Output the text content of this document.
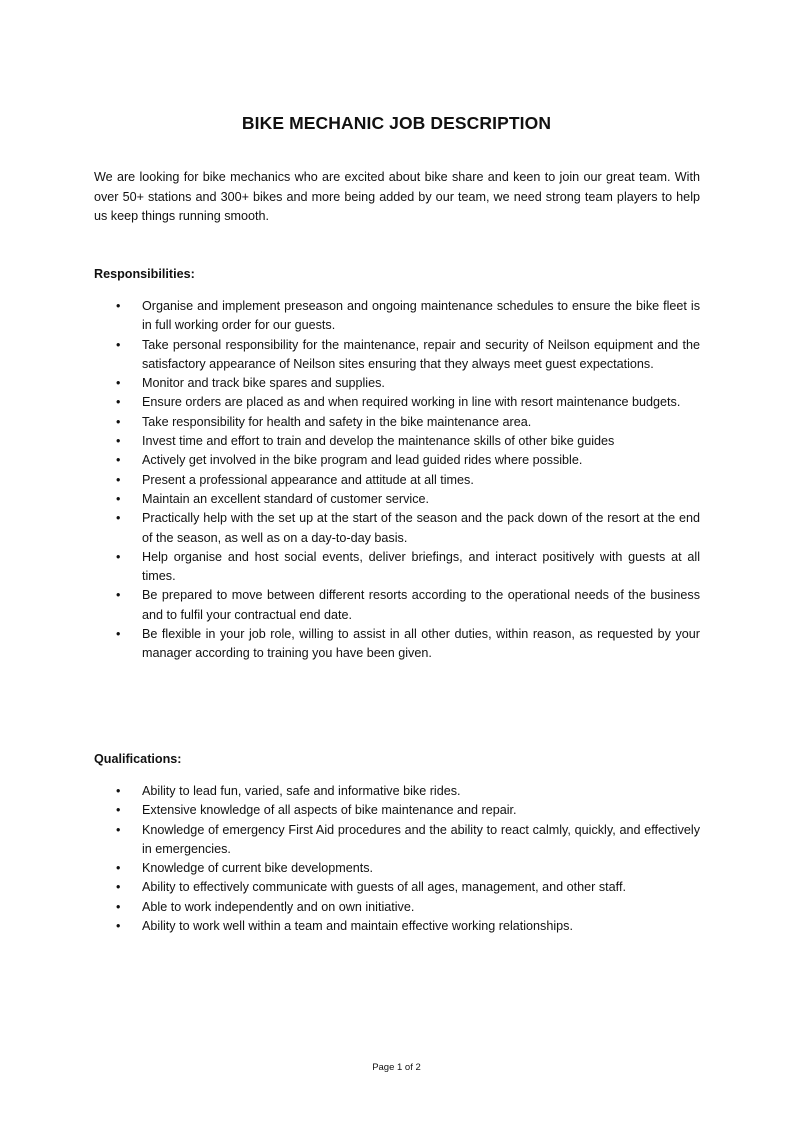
BIKE MECHANIC JOB DESCRIPTION

We are looking for bike mechanics who are excited about bike share and keen to join our great team. With over 50+ stations and 300+ bikes and more being added by our team, we need strong team players to help us keep things running smooth.

Responsibilities:
• Organise and implement preseason and ongoing maintenance schedules to ensure the bike fleet is in full working order for our guests.
• Take personal responsibility for the maintenance, repair and security of Neilson equipment and the satisfactory appearance of Neilson sites ensuring that they always meet guest expectations.
• Monitor and track bike spares and supplies.
• Ensure orders are placed as and when required working in line with resort maintenance budgets.
• Take responsibility for health and safety in the bike maintenance area.
• Invest time and effort to train and develop the maintenance skills of other bike guides
• Actively get involved in the bike program and lead guided rides where possible.
• Present a professional appearance and attitude at all times.
• Maintain an excellent standard of customer service.
• Practically help with the set up at the start of the season and the pack down of the resort at the end of the season, as well as on a day-to-day basis.
• Help organise and host social events, deliver briefings, and interact positively with guests at all times.
• Be prepared to move between different resorts according to the operational needs of the business and to fulfil your contractual end date.
• Be flexible in your job role, willing to assist in all other duties, within reason, as requested by your manager according to training you have been given.
Qualifications:
• Ability to lead fun, varied, safe and informative bike rides.
• Extensive knowledge of all aspects of bike maintenance and repair.
• Knowledge of emergency First Aid procedures and the ability to react calmly, quickly, and effectively in emergencies.
• Knowledge of current bike developments.
• Ability to effectively communicate with guests of all ages, management, and other staff.
• Able to work independently and on own initiative.
• Ability to work well within a team and maintain effective working relationships.

Page 1 of 2
